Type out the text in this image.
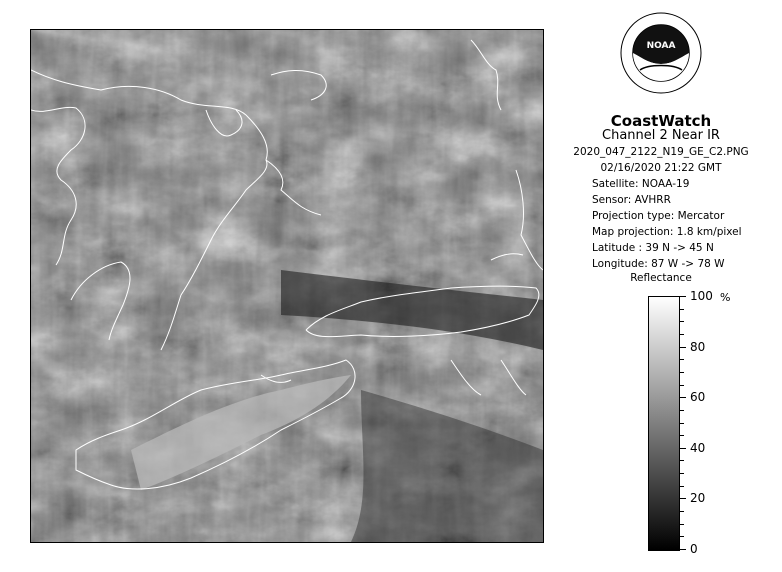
NOAA
CoastWatch
Channel 2 Near IR
2020_047_2122_N19_GE_C2.PNG
02/16/2020 21:22 GMT
Satellite: NOAA-19
Sensor: AVHRR
Projection type: Mercator
Map projection: 1.8 km/pixel
Latitude : 39 N -> 45 N
Longitude: 87 W -> 78 W
Reflectance
%
100
80
60
40
20
0
